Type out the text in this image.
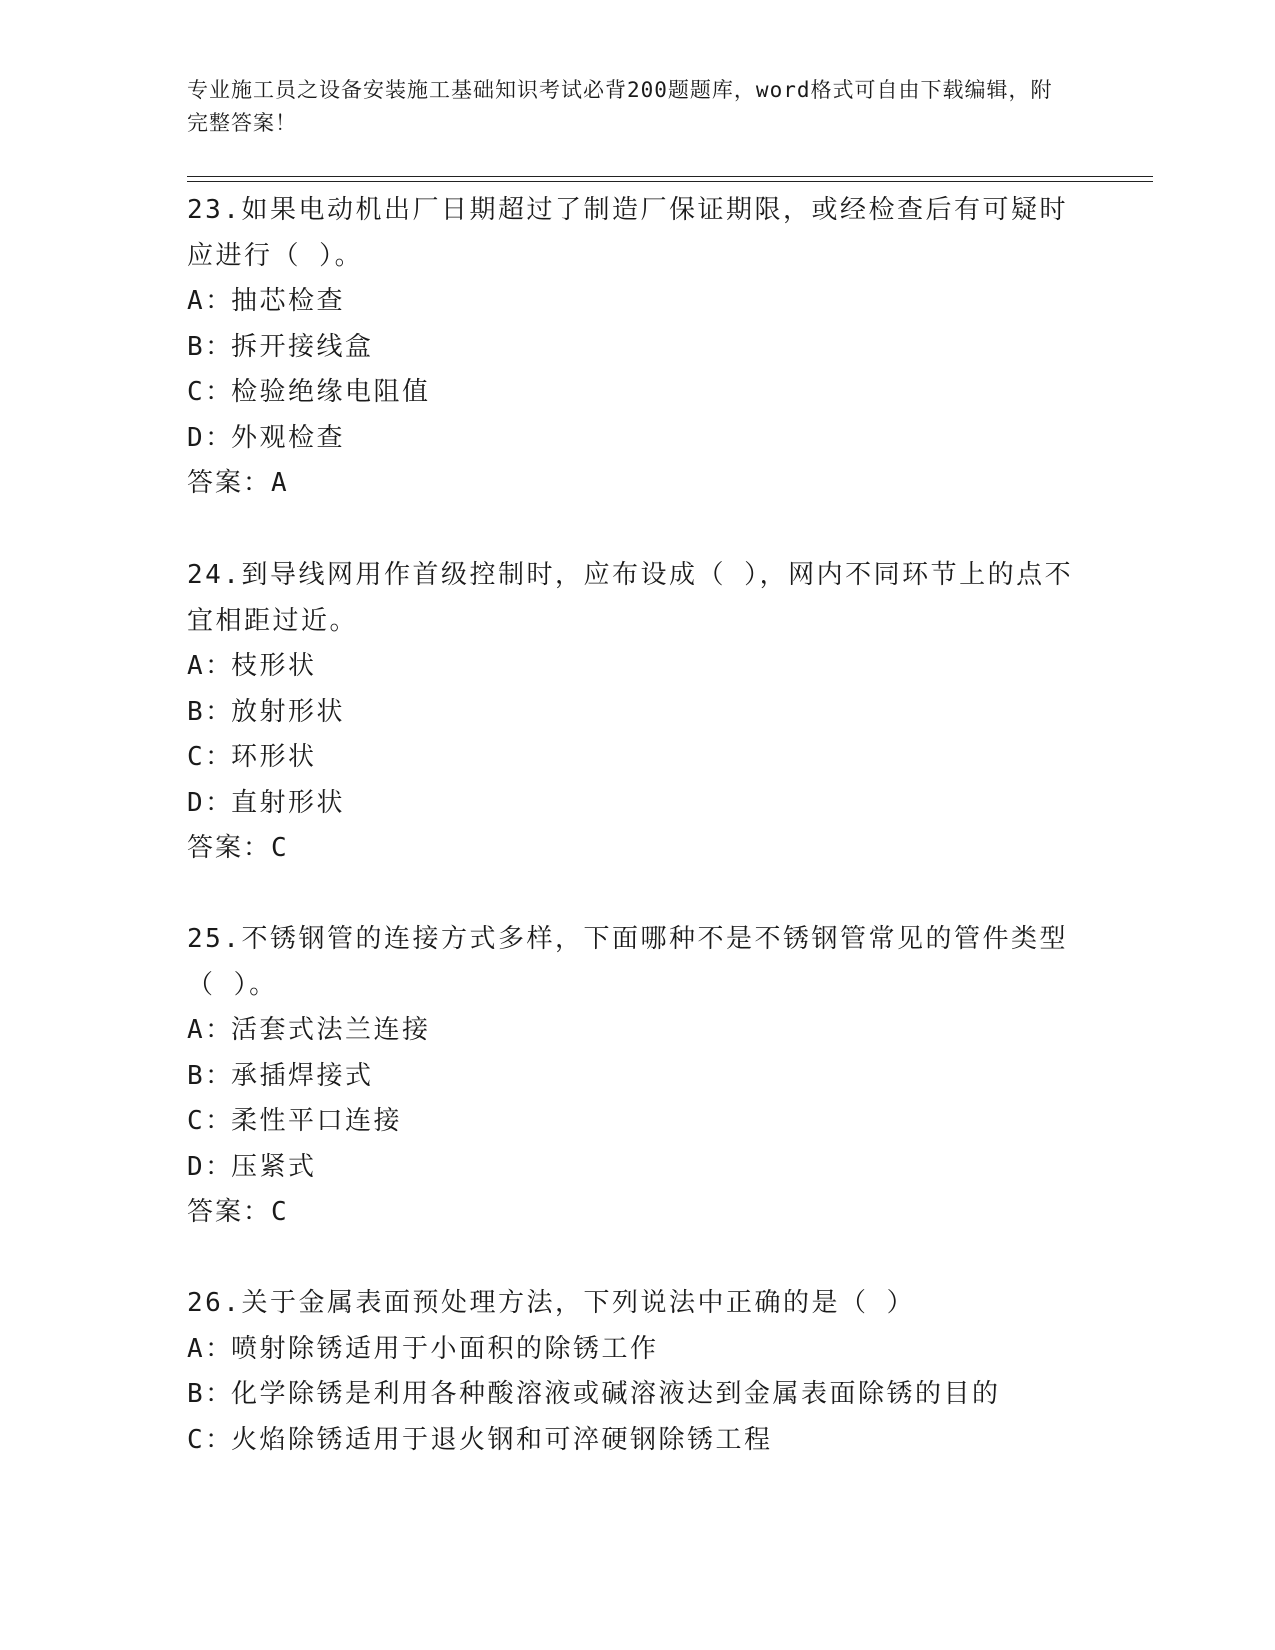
专业施工员之设备安装施工基础知识考试必背200题题库，word格式可自由下载编辑，附完整答案！

23.如果电动机出厂日期超过了制造厂保证期限，或经检查后有可疑时应进行（ ）。

A：抽芯检查

B：拆开接线盒

C：检验绝缘电阻值

D：外观检查

答案：A

24.到导线网用作首级控制时，应布设成（ ），网内不同环节上的点不宜相距过近。

A：枝形状

B：放射形状

C：环形状

D：直射形状

答案：C

25.不锈钢管的连接方式多样，下面哪种不是不锈钢管常见的管件类型（ ）。

A：活套式法兰连接

B：承插焊接式

C：柔性平口连接

D：压紧式

答案：C

26.关于金属表面预处理方法，下列说法中正确的是（ ）

A：喷射除锈适用于小面积的除锈工作

B：化学除锈是利用各种酸溶液或碱溶液达到金属表面除锈的目的

C：火焰除锈适用于退火钢和可淬硬钢除锈工程
